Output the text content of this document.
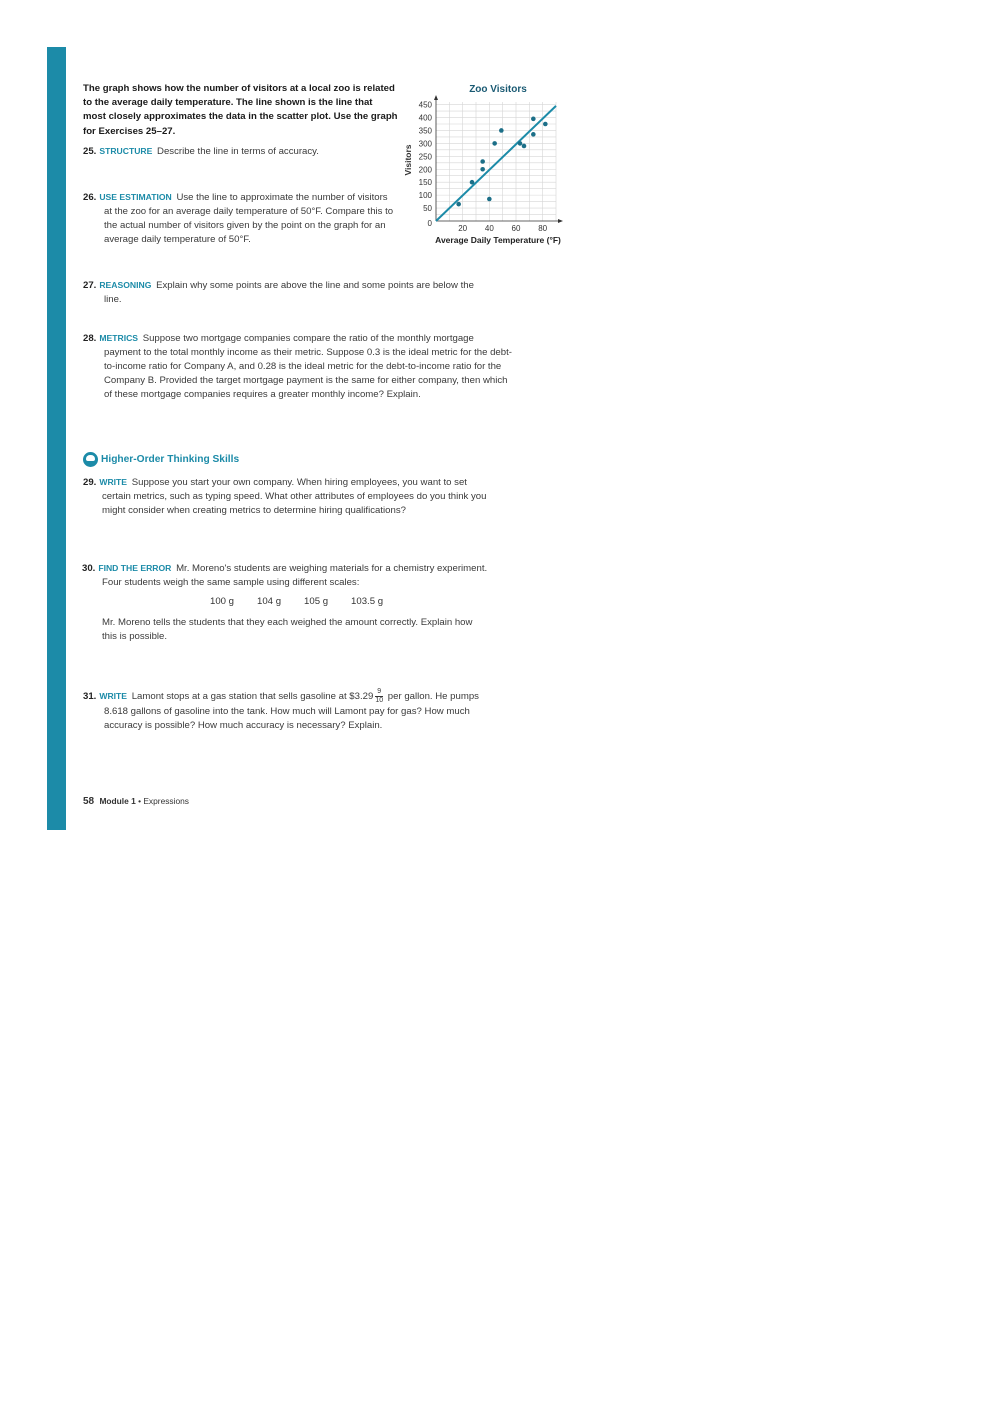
The graph shows how the number of visitors at a local zoo is related to the average daily temperature. The line shown is the line that most closely approximates the data in the scatter plot. Use the graph for Exercises 25–27.
Zoo Visitors
50
100
150
200
250
300
350
400
450
20 40 60 80
0
Visitors
Average Daily Temperature (°F)
25. STRUCTURE Describe the line in terms of accuracy.
26. USE ESTIMATION Use the line to approximate the number of visitors at the zoo for an average daily temperature of 50°F. Compare this to the actual number of visitors given by the point on the graph for an average daily temperature of 50°F.
27. REASONING Explain why some points are above the line and some points are below the line.
28. METRICS Suppose two mortgage companies compare the ratio of the monthly mortgage payment to the total monthly income as their metric. Suppose 0.3 is the ideal metric for the debt-to-income ratio for Company A, and 0.28 is the ideal metric for the debt-to-income ratio for the Company B. Provided the target mortgage payment is the same for either company, then which of these mortgage companies requires a greater monthly income? Explain.
Higher-Order Thinking Skills
29. WRITE Suppose you start your own company. When hiring employees, you want to set certain metrics, such as typing speed. What other attributes of employees do you think you might consider when creating metrics to determine hiring qualifications?
30. FIND THE ERROR Mr. Moreno's students are weighing materials for a chemistry experiment. Four students weigh the same sample using different scales:
100 g 104 g 105 g 103.5 g
Mr. Moreno tells the students that they each weighed the amount correctly. Explain how this is possible.
31. WRITE Lamont stops at a gas station that sells gasoline at $3.29 $\frac{9}{10}$ per gallon. He pumps 8.618 gallons of gasoline into the tank. How much will Lamont pay for gas? How much accuracy is possible? How much accuracy is necessary? Explain.
58 Module 1 • Expressions
